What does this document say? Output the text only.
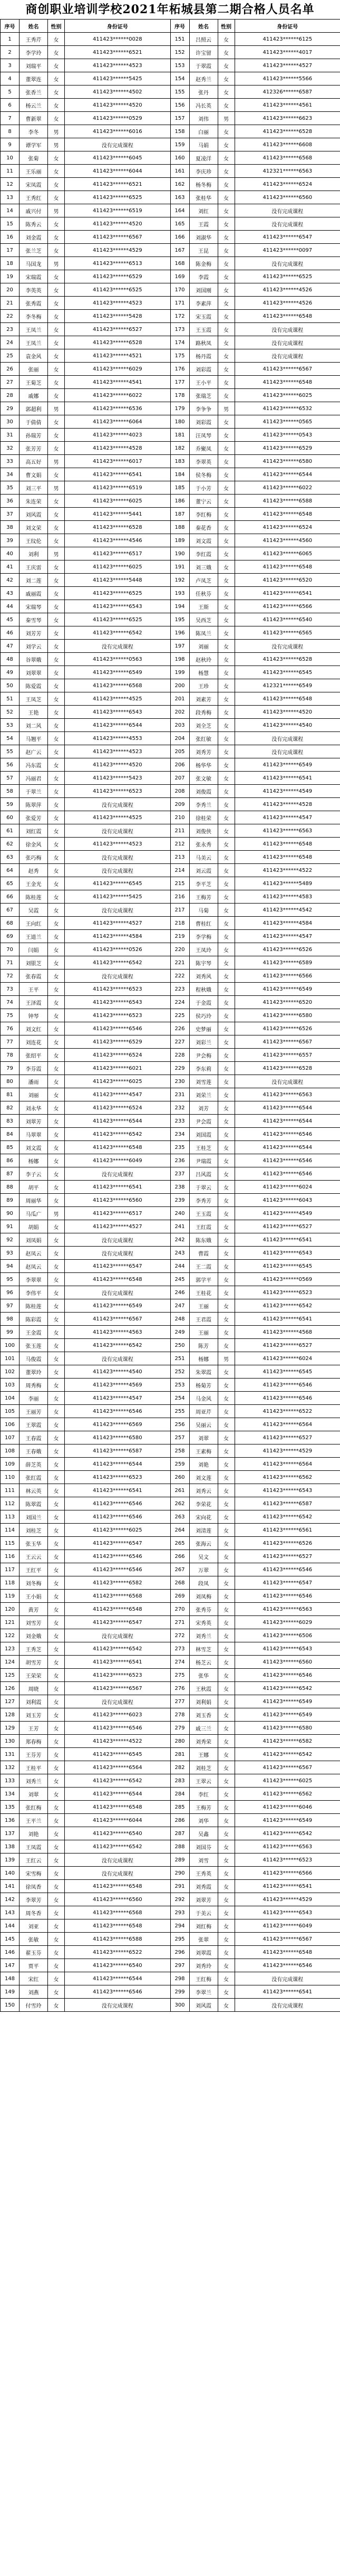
商创职业培训学校2021年柘城县第二期合格人员名单
序号	姓名	性别	身份证号	序号	姓名	性别	身份证号
1	王秀芹	女	411423******0028	151	吕照云	女	411423******6125
2	李学玲	女	411423******6521	152	许宝留	女	411423******4017
3	刘瑞平	女	411423******4523	153	于翠霞	女	411423******4527
4	董翠连	女	411423******5425	154	赵秀兰	女	411423******5566
5	张香兰	女	411423******4502	155	张丹	女	412326******6587
6	杨云兰	女	411423******4520	156	冯长英	女	411423******4561
7	曹新翠	女	411423******0529	157	刘伟	男	411423******6623
8	李冬	男	411423******6016	158	白丽	女	411423******6528
9	谭学军	男	没有完成课程	159	马娟	女	411423******6608
10	张菊	女	411423******6045	160	夏凌洋	女	411423******6568
11	王乐丽	女	411423******6044	161	李庆珍	女	412321******6563
12	宋凤霞	女	411423******6521	162	杨冬梅	女	411423******6524
13	王秀红	女	411423******6525	163	张桂华	女	411423******6560
14	戚兴付	男	411423******6519	164	刘红	女	没有完成课程
15	陈秀云	女	411423******4520	165	王霞	女	没有完成课程
16	刘金霞	女	411423******6567	166	刘淑华	女	411423******6547
17	张兰芝	女	411423******4529	167	王昆	女	411423******0097
18	马国龙	男	411423******6513	168	陈金梅	女	没有完成课程
19	宋瑞霞	女	411423******6529	169	李霞	女	411423******6525
20	李英英	女	411423******6525	170	刘国刚	女	411423******4526
21	张秀霞	女	411423******4523	171	李素萍	女	411423******4526
22	李冬梅	女	411423******5428	172	宋玉霞	女	411423******6548
23	王凤兰	女	411423******6527	173	王玉霞	女	没有完成课程
24	王凤兰	女	411423******6528	174	路秋凤	女	没有完成课程
25	袁金风	女	411423******4521	175	杨丹霞	女	没有完成课程
26	张丽	女	411423******6029	176	刘彩霞	女	411423******6567
27	王菊芝	女	411423******4541	177	王小平	女	411423******6548
28	戚娜	女	411423******6022	178	张瑞芝	女	411423******6025
29	郭超利	男	411423******6536	179	李争争	男	411423******6532
30	于倩倩	女	411423******6064	180	刘彩霞	女	411423******0565
31	孙瑞芳	女	411423******4023	181	汪凤琴	女	411423******0543
32	张芳芳	女	411423******4528	182	乔聚凤	女	411423******6529
33	高五好	男	411423******6017	183	李翠英	女	411423******6580
34	曹文娟	女	411423******6541	184	侯冬梅	女	411423******6544
35	刘三平	男	411423******6519	185	于小芳	女	411423******6022
36	朱连荣	女	411423******6025	186	董宁云	女	411423******6588
37	刘风霞	女	411423******5441	187	李红梅	女	411423******6548
38	刘文荣	女	411423******6528	188	秦花香	女	411423******6524
39	王纹伦	女	411423******4546	189	刘文霞	女	411423******4560
40	刘利	男	411423******6517	190	李红霞	女	411423******6065
41	王庆雷	女	411423******6025	191	刘三娥	女	411423******6548
42	刘二莲	女	411423******5448	192	卢凤芝	女	411423******6520
43	戚丽霞	女	411423******6525	193	任秋芬	女	411423******6541
44	宋瑞琴	女	411423******6543	194	王斯	女	411423******6566
45	秦雪琴	女	411423******6525	195	吴西芝	女	411423******6540
46	刘芳芳	女	411423******6542	196	陈凤兰	女	411423******6565
47	刘学云	女	没有完成课程	197	刘丽	女	没有完成课程
48	谷翠娥	女	411423******0563	198	赵秋玲	女	411423******6528
49	刘翠翠	女	411423******6549	199	杨慧	女	411423******6545
50	陈爱霞	女	411423******6568	200	王珍	女	412321******6549
51	王凤芝	女	411423******4525	201	刘素芳	女	411423******6548
52	王艳	女	411423******6543	202	段秀梅	女	411423******4520
53	刘二风	女	411423******6544	203	刘全芝	女	411423******4540
54	马翘平	女	411423******4553	204	张红敏	女	没有完成课程
55	赵广云	女	411423******4523	205	刘秀芳	女	没有完成课程
56	冯东霞	女	411423******4520	206	杨华华	女	411423******6549
57	冯丽君	女	411423******5423	207	张文敏	女	411423******6541
58	于翠兰	女	411423******6523	208	刘俊霞	女	411423******4549
59	陈翠萍	女	没有完成课程	209	李秀兰	女	411423******4528
60	张爱芳	女	411423******4525	210	徐桂荣	女	411423******4547
61	刘红霞	女	没有完成课程	211	刘俊侠	女	411423******6563
62	徐金风	女	411423******4523	212	张永秀	女	411423******6548
63	张巧梅	女	没有完成课程	213	马美云	女	411423******6548
64	赵秀	女	没有完成课程	214	刘云霞	女	411423******4522
65	王金光	女	411423******6545	215	李平芝	女	411423******5489
66	陈桂莲	女	411423******5425	216	王梅芳	女	411423******4583
67	吴霞	女	没有完成课程	217	马菊	女	411423******4542
68	王向红	女	411423******4527	218	曹桂红	女	411423******4584
69	王道兰	女	411423******4584	219	李学梅	女	411423******4547
70	闫娟	女	411423******0526	220	王凤玲	女	411423******6526
71	刘银芝	女	411423******6542	221	陈宇琴	女	411423******6589
72	张春霞	女	没有完成课程	222	刘秀风	女	411423******6566
73	王平	女	411423******6523	223	程秋娥	女	411423******6549
74	王泽霞	女	411423******6543	224	于金霞	女	411423******6520
75	钟琴	女	411423******6523	225	侯巧玲	女	411423******6580
76	刘文红	女	411423******6546	226	史梦丽	女	411423******6526
77	刘连花	女	411423******6529	227	刘彩兰	女	411423******6567
78	张绍平	女	411423******6524	228	尹会梅	女	411423******6557
79	李芬霞	女	411423******6021	229	李东莉	女	411423******6528
80	潘雨	女	411423******6025	230	刘雪莲	女	没有完成课程
81	刘丽	女	411423******4547	231	刘荣兰	女	411423******6563
82	刘永华	女	411423******6524	232	刘芳	女	411423******6544
83	刘翠芳	女	411423******6544	233	尹会霞	女	411423******6544
84	马翠翠	女	411423******6542	234	刘国霞	女	411423******6546
85	刘文霞	女	411423******6548	235	王桂芝	女	411423******6544
86	杨娜	女	411423******6049	236	尹瑞霞	女	411423******6546
87	李子云	女	没有完成课程	237	吕风霞	女	411423******6546
88	胡平	女	411423******6541	238	于翠云	女	411423******6024
89	周丽华	女	411423******6560	239	李秀芳	女	411423******6043
90	马瓜广	男	411423******6517	240	王玉霞	女	411423******4549
91	胡娟	女	411423******4527	241	王红霞	女	411423******6527
92	刘凤娟	女	没有完成课程	242	陈东娥	女	411423******6541
93	赵凤云	女	没有完成课程	243	曹霞	女	411423******6543
94	赵凤云	女	411423******6547	244	王二霞	女	411423******6545
95	李翠翠	女	411423******6548	245	郭学平	女	411423******0569
96	李伟平	女	没有完成课程	246	王桂花	女	411423******6523
97	陈桂莲	女	411423******6549	247	王丽	女	411423******6542
98	陈彩霞	女	411423******6567	248	王君霞	女	411423******6541
99	王金霞	女	411423******4563	249	王丽	女	411423******4568
100	张玉莲	女	411423******6542	250	陈芳	女	411423******6527
101	马俊霞	女	没有完成课程	251	杨娜	男	411423******6024
102	董翠玲	女	411423******4540	252	朱翠霞	女	411423******6545
103	周秀梅	女	411423******4569	253	杨菊芳	女	411423******6546
104	李丽	女	411423******4547	254	马金风	女	411423******6546
105	王丽芳	女	411423******6546	255	周亚芹	女	411423******6522
106	王翠霞	女	411423******6569	256	吴丽云	女	411423******6564
107	王春霞	女	411423******6580	257	刘翠	女	411423******6527
108	王春娥	女	411423******6587	258	王素梅	女	411423******4529
109	薛芝英	女	411423******6544	259	刘艳	女	411423******6564
110	张红霞	女	411423******6523	260	刘文莲	女	411423******6562
111	林云英	女	411423******6541	261	刘秀云	女	411423******6543
112	陈翠霞	女	411423******6546	262	李荣花	女	411423******6587
113	刘国兰	女	411423******6546	263	宋向花	女	411423******6542
114	刘桂芝	女	411423******6025	264	刘清莲	女	411423******6561
115	张玉华	女	411423******6547	265	张海云	女	411423******6526
116	王云云	女	411423******6546	266	吴文	女	411423******6527
117	王红平	女	411423******6546	267	万翠	女	411423******6546
118	刘冬梅	女	411423******6582	268	段凤	女	411423******6547
119	王小娟	女	411423******6568	269	刘凤梅	女	411423******6546
120	黄芳	女	411423******6548	270	张秀芬	女	411423******6563
121	刘雪芳	女	411423******6547	271	宋秀英	女	411423******6029
122	刘金娥	女	没有完成课程	272	刘秀兰	女	411423******6506
123	王秀芝	女	411423******6542	273	林雪芝	女	411423******6543
124	胡雪芳	女	411423******6541	274	杨芝云	女	411423******6560
125	王荣荣	女	411423******6523	275	张华	女	411423******6546
126	周晓	女	411423******6567	276	王秋霞	女	411423******6542
127	刘利霞	女	没有完成课程	277	刘利娟	女	411423******6549
128	刘玉芳	女	411423******6023	278	刘玉香	女	411423******6549
129	王芳	女	411423******6546	279	戚三兰	女	411423******6580
130	郑春梅	女	411423******4522	280	刘秀荣	女	411423******6582
131	王芬芳	女	411423******6545	281	王娜	女	411423******6542
132	王桂平	女	411423******6564	282	刘桂芝	女	411423******6567
133	刘秀兰	女	411423******6542	283	王翠云	女	411423******6025
134	刘翠	女	411423******6544	284	李红	女	411423******6562
135	张红梅	女	411423******6548	285	王梅芳	女	411423******6046
136	王平兰	女	411423******6044	286	刘华	女	411423******6549
137	刘艳	女	411423******6540	287	吴鑫	女	411423******6542
138	王凤霞	女	411423******6542	288	刘国芬	女	411423******6563
139	王红云	女	没有完成课程	289	刘雪	女	411423******6523
140	宋雪梅	女	没有完成课程	290	王秀英	女	411423******6566
141	徐凤香	女	411423******6548	291	刘秀霞	女	411423******6541
142	李翠芳	女	411423******6560	292	刘翠芳	女	411423******4529
143	周冬香	女	411423******6568	293	于美云	女	411423******6543
144	刘亚	女	411423******6548	294	刘红梅	女	411423******6049
145	张敏	女	411423******6588	295	张翠	女	411423******6567
146	翟玉芬	女	411423******6522	296	刘翠霞	女	411423******6548
147	贾平	女	411423******6540	297	刘秀玲	女	411423******6546
148	宋红	女	411423******6544	298	王红梅	女	没有完成课程
149	刘燕	女	411423******6546	299	李翠兰	女	411423******6541
150	付雪玲	女	没有完成课程	300	刘风霞	女	没有完成课程
